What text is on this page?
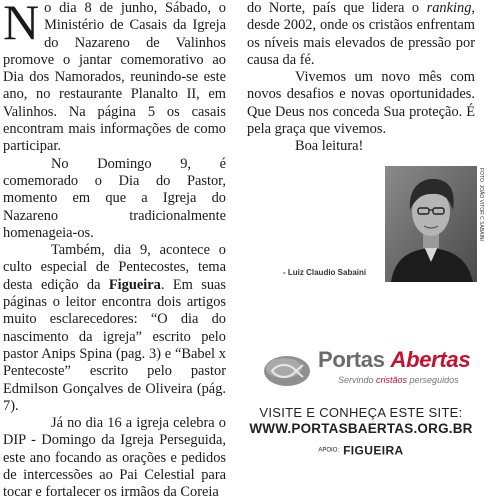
No dia 8 de junho, Sábado, o Ministério de Casais da Igreja do Nazareno de Valinhos promove o jantar comemorativo ao Dia dos Namorados, reunindo-se este ano, no restaurante Planalto II, em Valinhos. Na página 5 os casais encontram mais informações de como participar.

No Domingo 9, é comemorado o Dia do Pastor, momento em que a Igreja do Nazareno tradicionalmente homenageia-os.

Também, dia 9, acontece o culto especial de Pentecostes, tema desta edição da Figueira. Em suas páginas o leitor encontra dois artigos muito esclarecedores: “O dia do nascimento da igreja” escrito pelo pastor Anips Spina (pag. 3) e “Babel x Pentecoste” escrito pelo pastor Edmilson Gonçalves de Oliveira (pág. 7).

Já no dia 16 a igreja celebra o DIP - Domingo da Igreja Perseguida, este ano focando as orações e pedidos de intercessões ao Pai Celestial para tocar e fortalecer os irmãos da Coreia

do Norte, país que lidera o ranking, desde 2002, onde os cristãos enfrentam os níveis mais elevados de pressão por causa da fé.

Vivemos um novo mês com novos desafios e novas oportunidades. Que Deus nos conceda Sua proteção. É pela graça que vivemos.

Boa leitura!

FOTO: JOÃO VITOR C SABAINI
- Luiz Claudio Sabaini
Portas Abertas
Servindo cristãos perseguidos
VISITE E CONHEÇA ESTE SITE:
WWW.PORTASBAERTAS.ORG.BR
APOIO: FIGUEIRA
